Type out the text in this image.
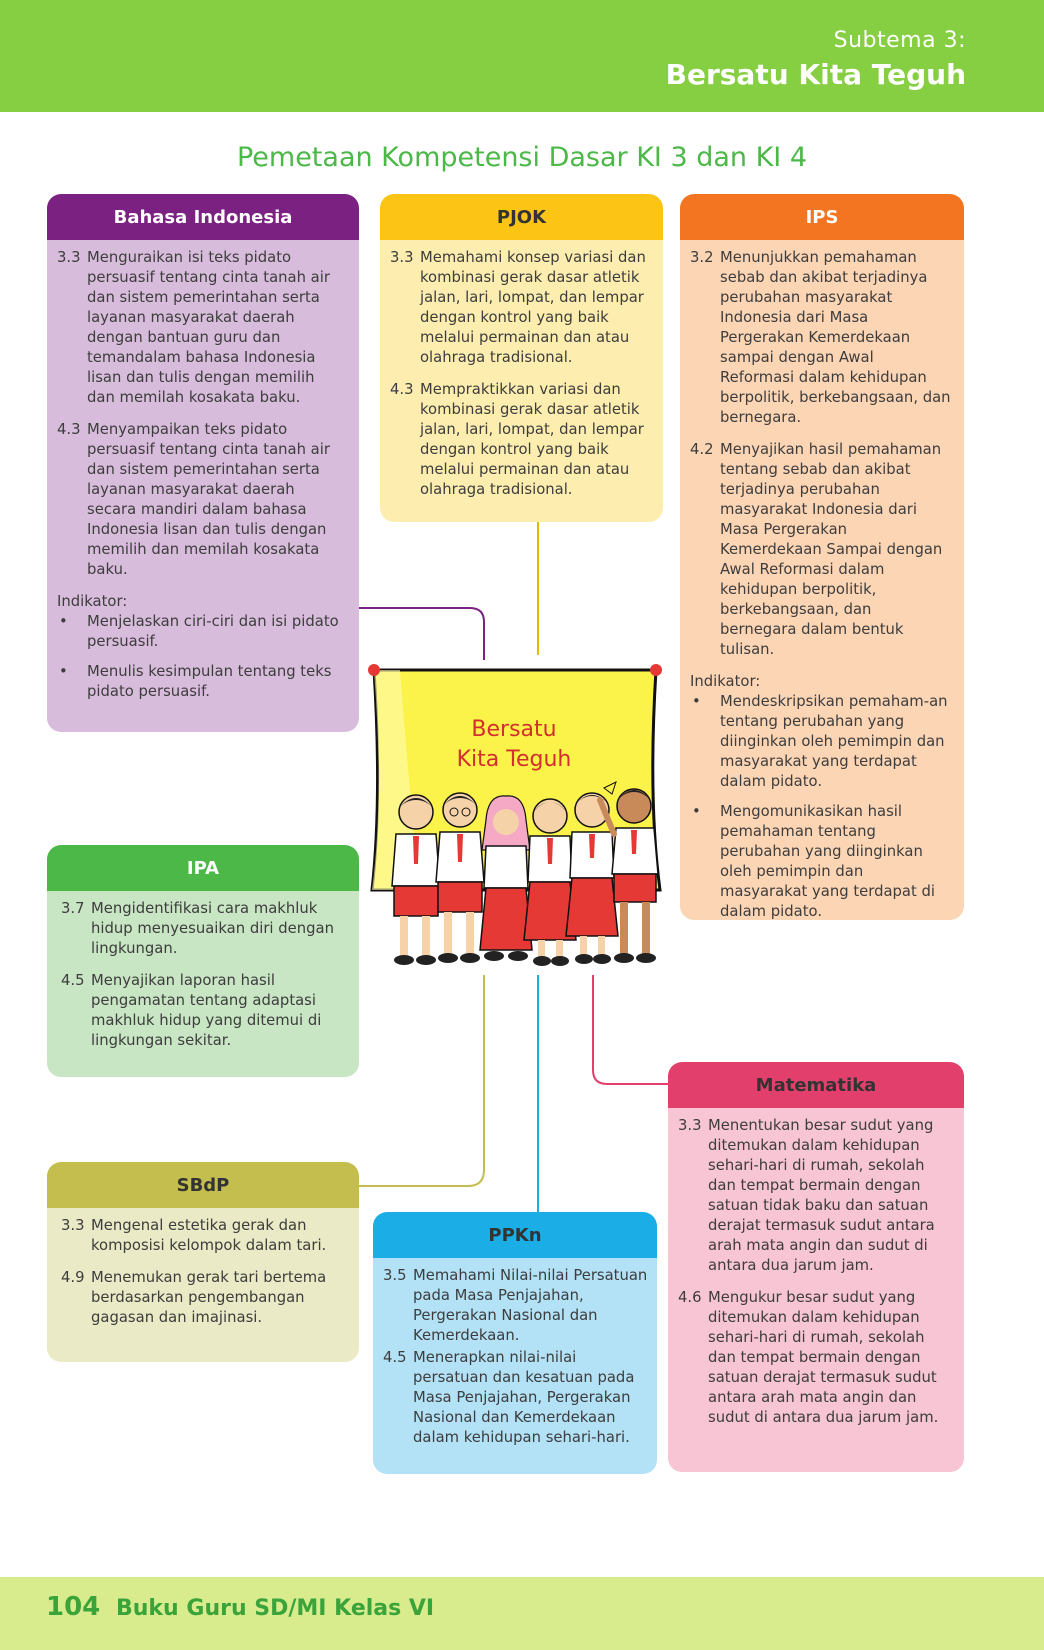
Subtema 3:
Bersatu Kita Teguh
Pemetaan Kompetensi Dasar KI 3 dan KI 4
Bahasa Indonesia
3.3 Menguraikan isi teks pidato persuasif tentang cinta tanah air dan sistem pemerintahan serta layanan masyarakat daerah dengan bantuan guru dan temandalam bahasa Indonesia lisan dan tulis dengan memilih dan memilah kosakata baku.
4.3 Menyampaikan teks pidato persuasif tentang cinta tanah air dan sistem pemerintahan serta layanan masyarakat daerah secara mandiri dalam bahasa Indonesia lisan dan tulis dengan memilih dan memilah kosakata baku.
Indikator:
• Menjelaskan ciri-ciri dan isi pidato persuasif.
• Menulis kesimpulan tentang teks pidato persuasif.
PJOK
3.3 Memahami konsep variasi dan kombinasi gerak dasar atletik jalan, lari, lompat, dan lempar dengan kontrol yang baik melalui permainan dan atau olahraga tradisional.
4.3 Mempraktikkan variasi dan kombinasi gerak dasar atletik jalan, lari, lompat, dan lempar dengan kontrol yang baik melalui permainan dan atau olahraga tradisional.
IPS
3.2 Menunjukkan pemahaman sebab dan akibat terjadinya perubahan masyarakat Indonesia dari Masa Pergerakan Kemerdekaan sampai dengan Awal Reformasi dalam kehidupan berpolitik, berkebangsaan, dan bernegara.
4.2 Menyajikan hasil pemahaman tentang sebab dan akibat terjadinya perubahan masyarakat Indonesia dari Masa Pergerakan Kemerdekaan Sampai dengan Awal Reformasi dalam kehidupan berpolitik, berkebangsaan, dan bernegara dalam bentuk tulisan.
Indikator:
• Mendeskripsikan pemaham-an tentang perubahan yang diinginkan oleh pemimpin dan masyarakat yang terdapat dalam pidato.
• Mengomunikasikan hasil pemahaman tentang perubahan yang diinginkan oleh pemimpin dan masyarakat yang terdapat di dalam pidato.
IPA
3.7 Mengidentifikasi cara makhluk hidup menyesuaikan diri dengan lingkungan.
4.5 Menyajikan laporan hasil pengamatan tentang adaptasi makhluk hidup yang ditemui di lingkungan sekitar.
Matematika
3.3 Menentukan besar sudut yang ditemukan dalam kehidupan sehari-hari di rumah, sekolah dan tempat bermain dengan satuan tidak baku dan satuan derajat termasuk sudut antara arah mata angin dan sudut di antara dua jarum jam.
4.6 Mengukur besar sudut yang ditemukan dalam kehidupan sehari-hari di rumah, sekolah dan tempat bermain dengan satuan derajat termasuk sudut antara arah mata angin dan sudut di antara dua jarum jam.
SBdP
3.3 Mengenal estetika gerak dan komposisi kelompok dalam tari.
4.9 Menemukan gerak tari bertema berdasarkan pengembangan gagasan dan imajinasi.
PPKn
3.5 Memahami Nilai-nilai Persatuan pada Masa Penjajahan, Pergerakan Nasional dan Kemerdekaan.
4.5 Menerapkan nilai-nilai persatuan dan kesatuan pada Masa Penjajahan, Pergerakan Nasional dan Kemerdekaan dalam kehidupan sehari-hari.
Bersatu
Kita Teguh
104 Buku Guru SD/MI Kelas VI
